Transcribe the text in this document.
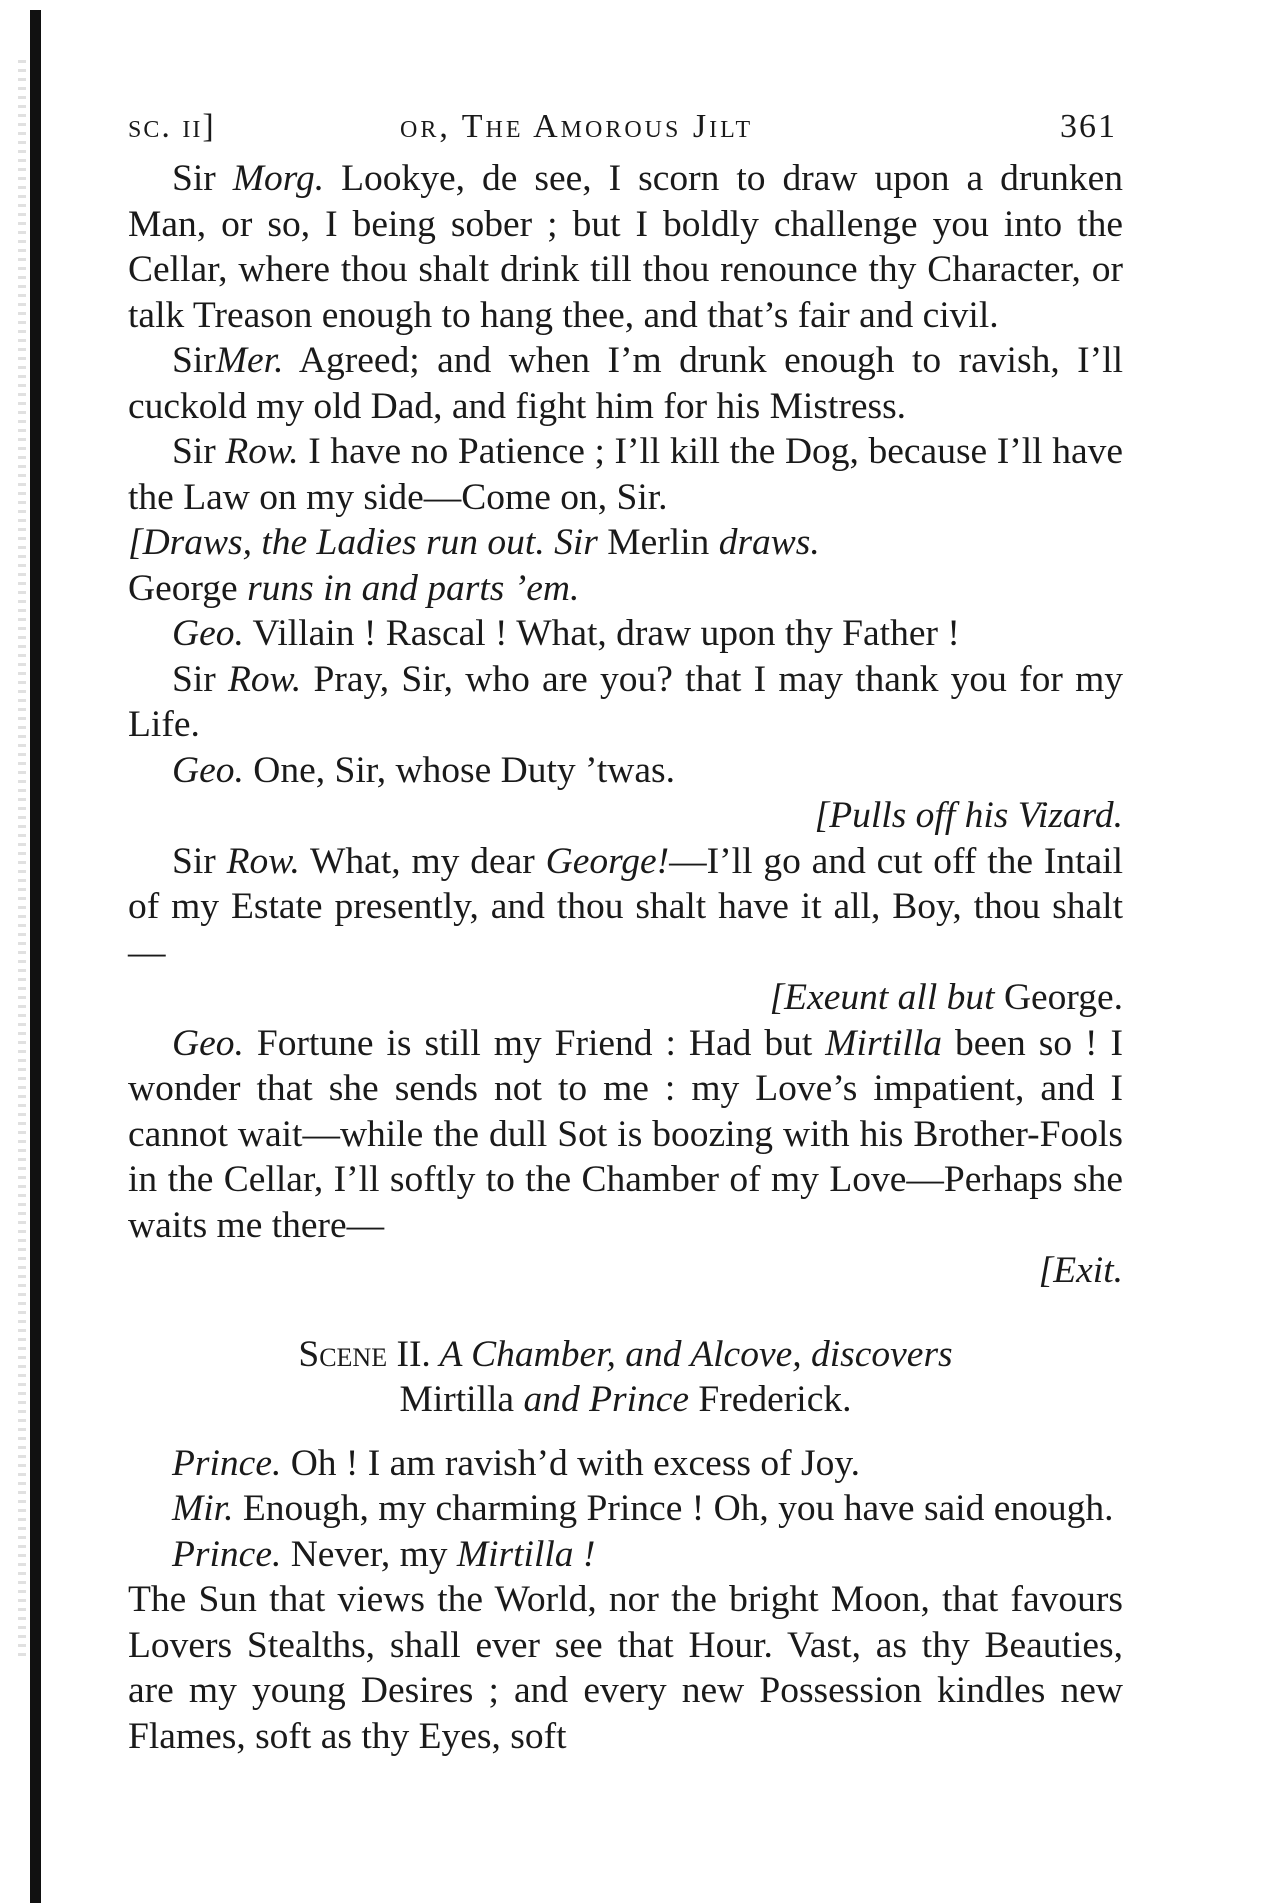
sc. ii]	or, The Amorous Jilt	361

Sir Morg. Lookye, de see, I scorn to draw upon a drunken Man, or so, I being sober ; but I boldly challenge you into the Cellar, where thou shalt drink till thou renounce thy Character, or talk Treason enough to hang thee, and that’s fair and civil.

SirMer. Agreed; and when I’m drunk enough to ravish, I’ll cuckold my old Dad, and fight him for his Mistress.

Sir Row. I have no Patience ; I’ll kill the Dog, because I’ll have the Law on my side—Come on, Sir.

[Draws, the Ladies run out. Sir Merlin draws.

George runs in and parts ’em.

Geo. Villain ! Rascal ! What, draw upon thy Father !

Sir Row. Pray, Sir, who are you? that I may thank you for my Life.

Geo. One, Sir, whose Duty ’twas.

[Pulls off his Vizard.

Sir Row. What, my dear George!—I’ll go and cut off the Intail of my Estate presently, and thou shalt have it all, Boy, thou shalt—

[Exeunt all but George.

Geo. Fortune is still my Friend : Had but Mirtilla been so ! I wonder that she sends not to me : my Love’s impatient, and I cannot wait—while the dull Sot is boozing with his Brother-Fools in the Cellar, I’ll softly to the Chamber of my Love—Perhaps she waits me there—

[Exit.

Scene II. A Chamber, and Alcove, discovers

Mirtilla and Prince Frederick.

Prince. Oh ! I am ravish’d with excess of Joy.

Mir. Enough, my charming Prince ! Oh, you have said enough.

Prince. Never, my Mirtilla !

The Sun that views the World, nor the bright Moon, that favours Lovers Stealths, shall ever see that Hour. Vast, as thy Beauties, are my young Desires ; and every new Possession kindles new Flames, soft as thy Eyes, soft
